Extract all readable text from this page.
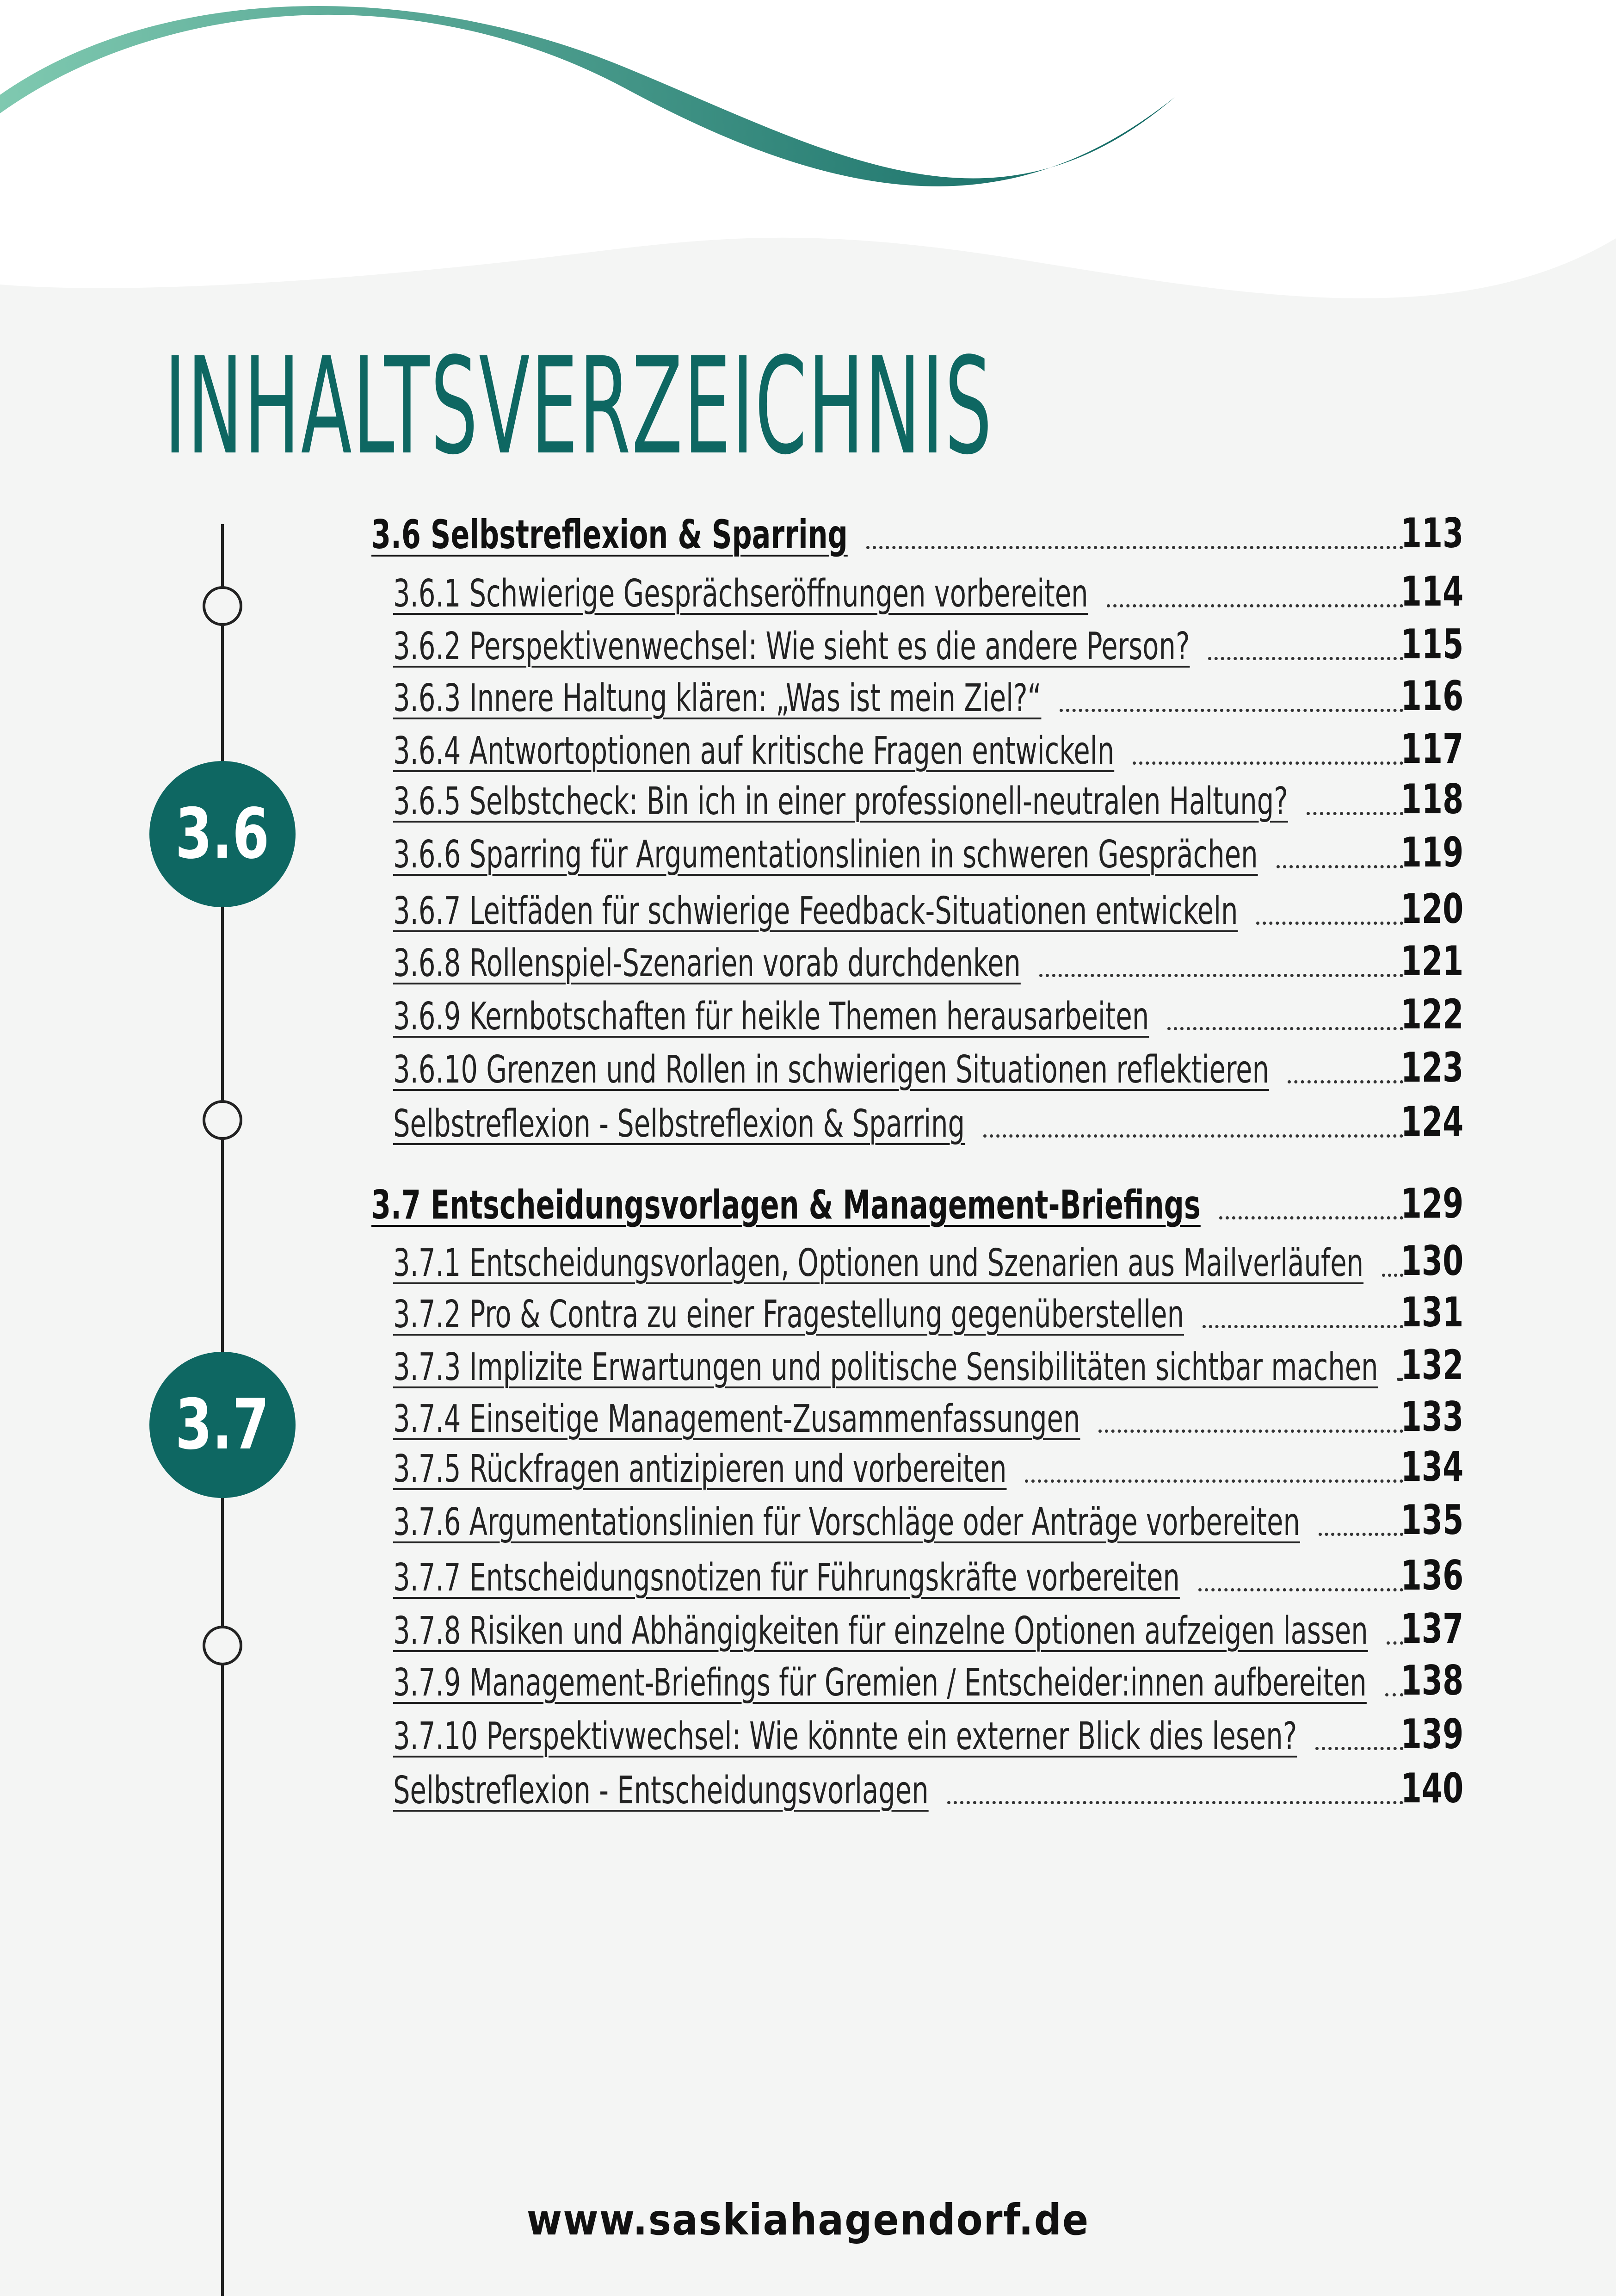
INHALTSVERZEICHNIS
3.6
3.7
3.6 Selbstreflexion & Sparring	113
3.6.1 Schwierige Gesprächseröffnungen vorbereiten	114
3.6.2 Perspektivenwechsel: Wie sieht es die andere Person?	115
3.6.3 Innere Haltung klären: „Was ist mein Ziel?“	116
3.6.4 Antwortoptionen auf kritische Fragen entwickeln	117
3.6.5 Selbstcheck: Bin ich in einer professionell-neutralen Haltung?	118
3.6.6 Sparring für Argumentationslinien in schweren Gesprächen	119
3.6.7 Leitfäden für schwierige Feedback-Situationen entwickeln	120
3.6.8 Rollenspiel-Szenarien vorab durchdenken	121
3.6.9 Kernbotschaften für heikle Themen herausarbeiten	122
3.6.10 Grenzen und Rollen in schwierigen Situationen reflektieren	123
Selbstreflexion - Selbstreflexion & Sparring	124
3.7 Entscheidungsvorlagen & Management-Briefings	129
3.7.1 Entscheidungsvorlagen, Optionen und Szenarien aus Mailverläufen 130
3.7.2 Pro & Contra zu einer Fragestellung gegenüberstellen	131
3.7.3 Implizite Erwartungen und politische Sensibilitäten sichtbar machen 132
3.7.4 Einseitige Management-Zusammenfassungen	133
3.7.5 Rückfragen antizipieren und vorbereiten	134
3.7.6 Argumentationslinien für Vorschläge oder Anträge vorbereiten 135
3.7.7 Entscheidungsnotizen für Führungskräfte vorbereiten	136
3.7.8 Risiken und Abhängigkeiten für einzelne Optionen aufzeigen lassen 137
3.7.9 Management-Briefings für Gremien / Entscheider:innen aufbereiten 138
3.7.10 Perspektivwechsel: Wie könnte ein externer Blick dies lesen?	139
Selbstreflexion - Entscheidungsvorlagen	140
www.saskiahagendorf.de
